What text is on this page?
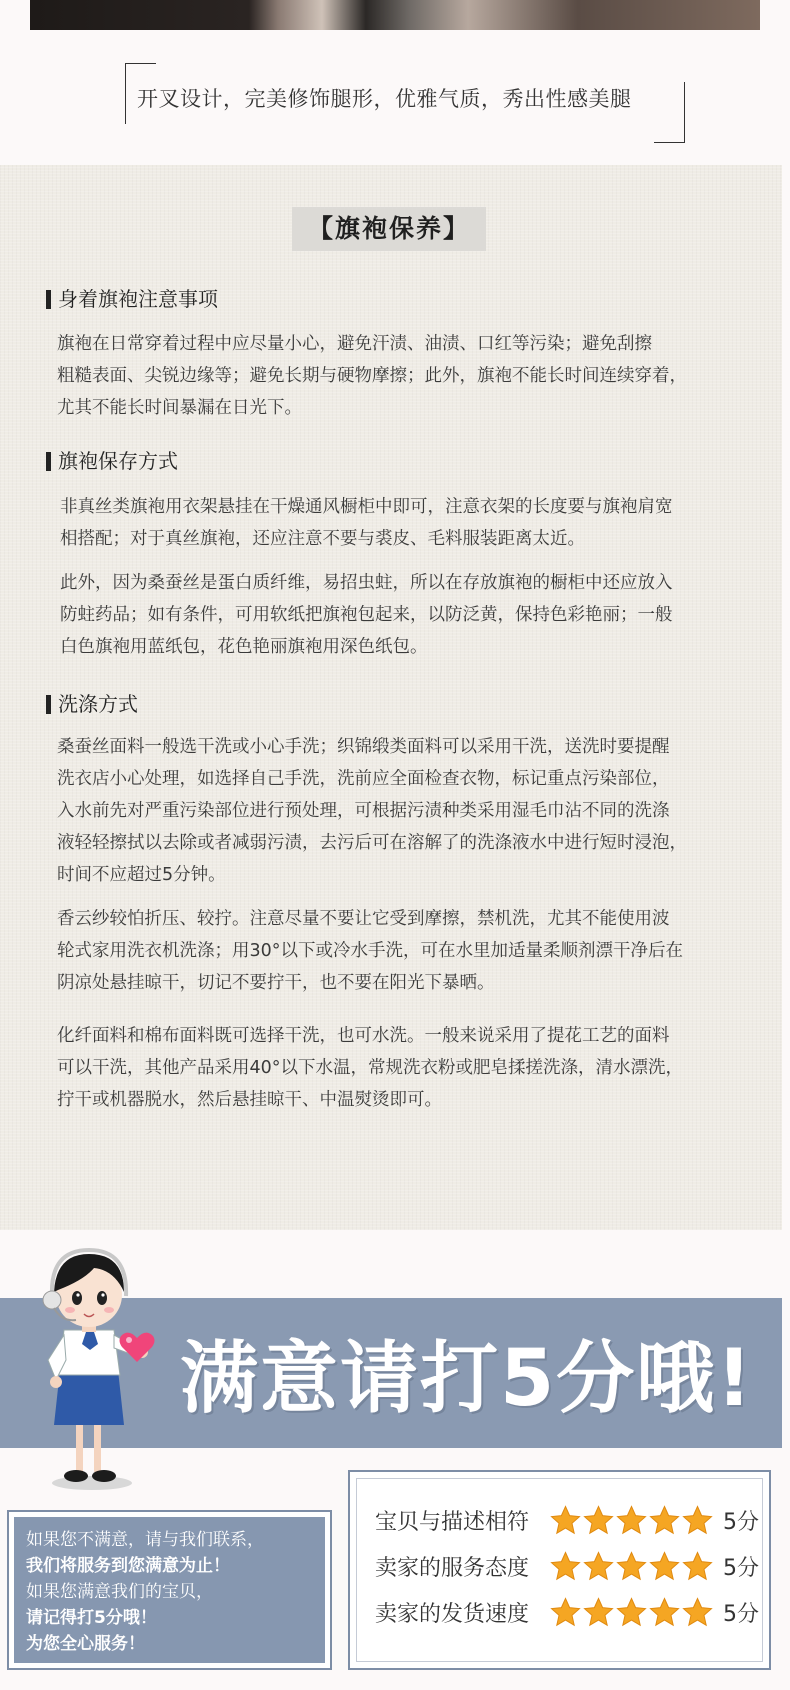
开叉设计，完美修饰腿形，优雅气质，秀出性感美腿
【旗袍保养】
身着旗袍注意事项

旗袍在日常穿着过程中应尽量小心，避免汗渍、油渍、口红等污染；避免刮擦
粗糙表面、尖锐边缘等；避免长期与硬物摩擦；此外，旗袍不能长时间连续穿着，
尤其不能长时间暴漏在日光下。

旗袍保存方式

非真丝类旗袍用衣架悬挂在干燥通风橱柜中即可，注意衣架的长度要与旗袍肩宽
相搭配；对于真丝旗袍，还应注意不要与裘皮、毛料服装距离太近。

此外，因为桑蚕丝是蛋白质纤维，易招虫蛀，所以在存放旗袍的橱柜中还应放入
防蛀药品；如有条件，可用软纸把旗袍包起来，以防泛黄，保持色彩艳丽；一般
白色旗袍用蓝纸包，花色艳丽旗袍用深色纸包。

洗涤方式

桑蚕丝面料一般选干洗或小心手洗；织锦缎类面料可以采用干洗，送洗时要提醒
洗衣店小心处理，如选择自己手洗，洗前应全面检查衣物，标记重点污染部位，
入水前先对严重污染部位进行预处理，可根据污渍种类采用湿毛巾沾不同的洗涤
液轻轻擦拭以去除或者减弱污渍，去污后可在溶解了的洗涤液水中进行短时浸泡，
时间不应超过5分钟。

香云纱较怕折压、较拧。注意尽量不要让它受到摩擦，禁机洗，尤其不能使用波
轮式家用洗衣机洗涤；用30°以下或冷水手洗，可在水里加适量柔顺剂漂干净后在
阴凉处悬挂晾干，切记不要拧干，也不要在阳光下暴晒。

化纤面料和棉布面料既可选择干洗，也可水洗。一般来说采用了提花工艺的面料
可以干洗，其他产品采用40°以下水温，常规洗衣粉或肥皂揉搓洗涤，清水漂洗，
拧干或机器脱水，然后悬挂晾干、中温熨烫即可。

满意请打5分哦!
如果您不满意，请与我们联系，
我们将服务到您满意为止！
如果您满意我们的宝贝，
请记得打5分哦！
为您全心服务！
宝贝与描述相符	5分
卖家的服务态度	5分
卖家的发货速度	5分
